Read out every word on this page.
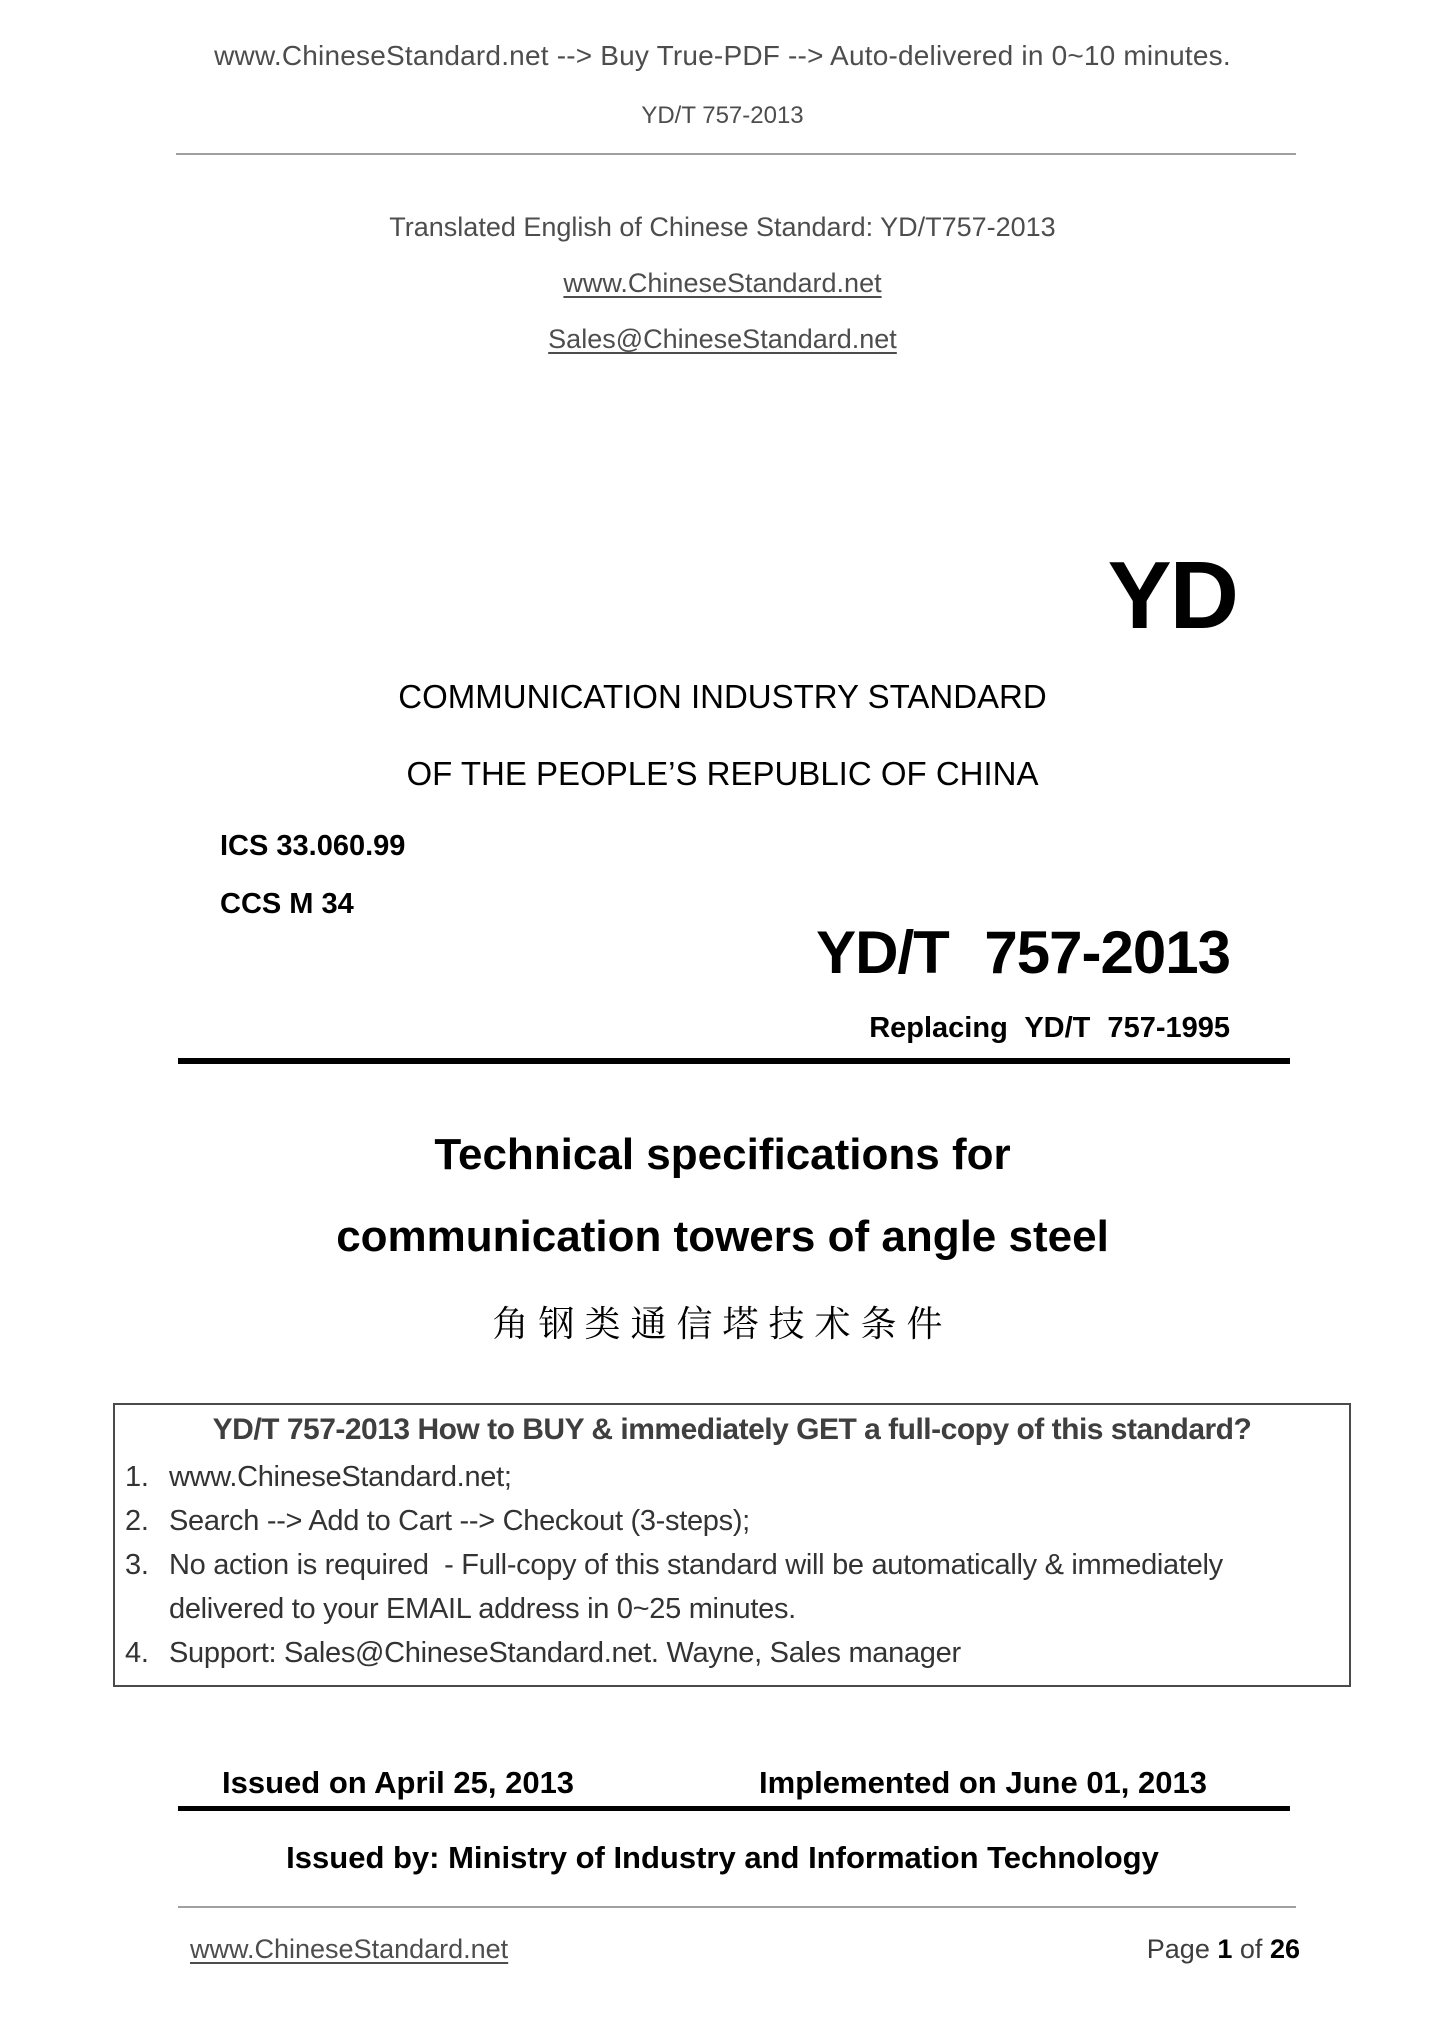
www.ChineseStandard.net --> Buy True-PDF --> Auto-delivered in 0~10 minutes.
YD/T 757-2013
Translated English of Chinese Standard: YD/T757-2013
www.ChineseStandard.net
Sales@ChineseStandard.net
YD
COMMUNICATION INDUSTRY STANDARD
OF THE PEOPLE’S REPUBLIC OF CHINA
ICS 33.060.99
CCS M 34
YD/T 757-2013
Replacing YD/T 757-1995
Technical specifications for
communication towers of angle steel
角钢类通信塔技术条件
YD/T 757-2013 How to BUY & immediately GET a full-copy of this standard?
1. www.ChineseStandard.net;
2. Search --> Add to Cart --> Checkout (3-steps);
3. No action is required  - Full-copy of this standard will be automatically & immediately delivered to your EMAIL address in 0~25 minutes.
4. Support: Sales@ChineseStandard.net. Wayne, Sales manager
Issued on April 25, 2013	Implemented on June 01, 2013
Issued by: Ministry of Industry and Information Technology
www.ChineseStandard.net	Page 1 of 26
